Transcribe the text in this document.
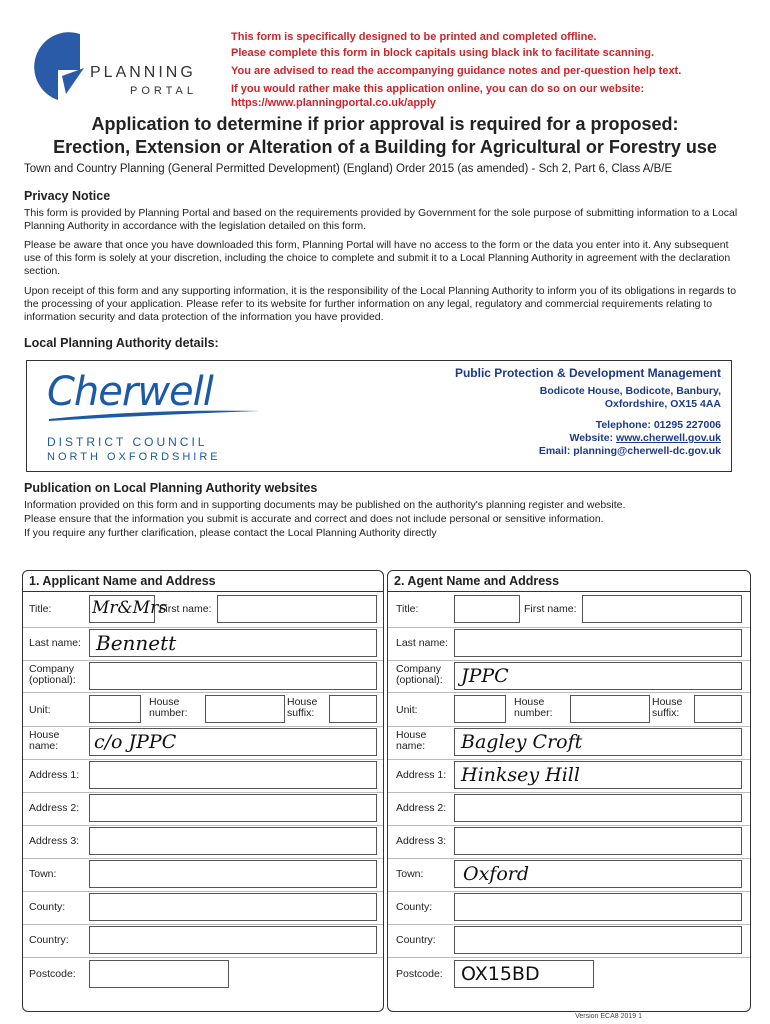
PLANNING
PORTAL

This form is specifically designed to be printed and completed offline.

Please complete this form in block capitals using black ink to facilitate scanning.

You are advised to read the accompanying guidance notes and per-question help text.

If you would rather make this application online, you can do so on our website:

https://www.planningportal.co.uk/apply

Application to determine if prior approval is required for a proposed:
Erection, Extension or Alteration of a Building for Agricultural or Forestry use
Town and Country Planning (General Permitted Development) (England) Order 2015 (as amended) - Sch 2, Part 6, Class A/B/E
Privacy Notice
This form is provided by Planning Portal and based on the requirements provided by Government for the sole purpose of submitting information to a Local Planning Authority in accordance with the legislation detailed on this form.
Please be aware that once you have downloaded this form, Planning Portal will have no access to the form or the data you enter into it. Any subsequent use of this form is solely at your discretion, including the choice to complete and submit it to a Local Planning Authority in agreement with the declaration section.
Upon receipt of this form and any supporting information, it is the responsibility of the Local Planning Authority to inform you of its obligations in regards to the processing of your application. Please refer to its website for further information on any legal, regulatory and commercial requirements relating to information security and data protection of the information you have provided.
Local Planning Authority details:
Cherwell
DISTRICT COUNCIL
NORTH OXFORDSHIRE
Public Protection & Development Management
Bodicote House, Bodicote, Banbury,
Oxfordshire, OX15 4AA
Telephone: 01295 227006
Website: www.cherwell.gov.uk
Email: planning@cherwell-dc.gov.uk
Publication on Local Planning Authority websites
Information provided on this form and in supporting documents may be published on the authority's planning register and website.
Please ensure that the information you submit is accurate and correct and does not include personal or sensitive information.
If you require any further clarification, please contact the Local Planning Authority directly
1. Applicant Name and Address
Title: Mr&Mrs
First name:
Last name: Bennett
Company
(optional):
Unit:
House
number:
House
suffix:
House
name: c/o JPPC
Address 1:
Address 2:
Address 3:
Town:
County:
Country:
Postcode:
2. Agent Name and Address
Title:	First name:
Last name:
Company
(optional): JPPC
Unit:
House
number:
House
suffix:
House
name: Bagley Croft
Address 1: Hinksey Hill
Address 2:
Address 3:
Town: Oxford
County:
Country:
Postcode: OX15BD
Version ECA8 2019 1
